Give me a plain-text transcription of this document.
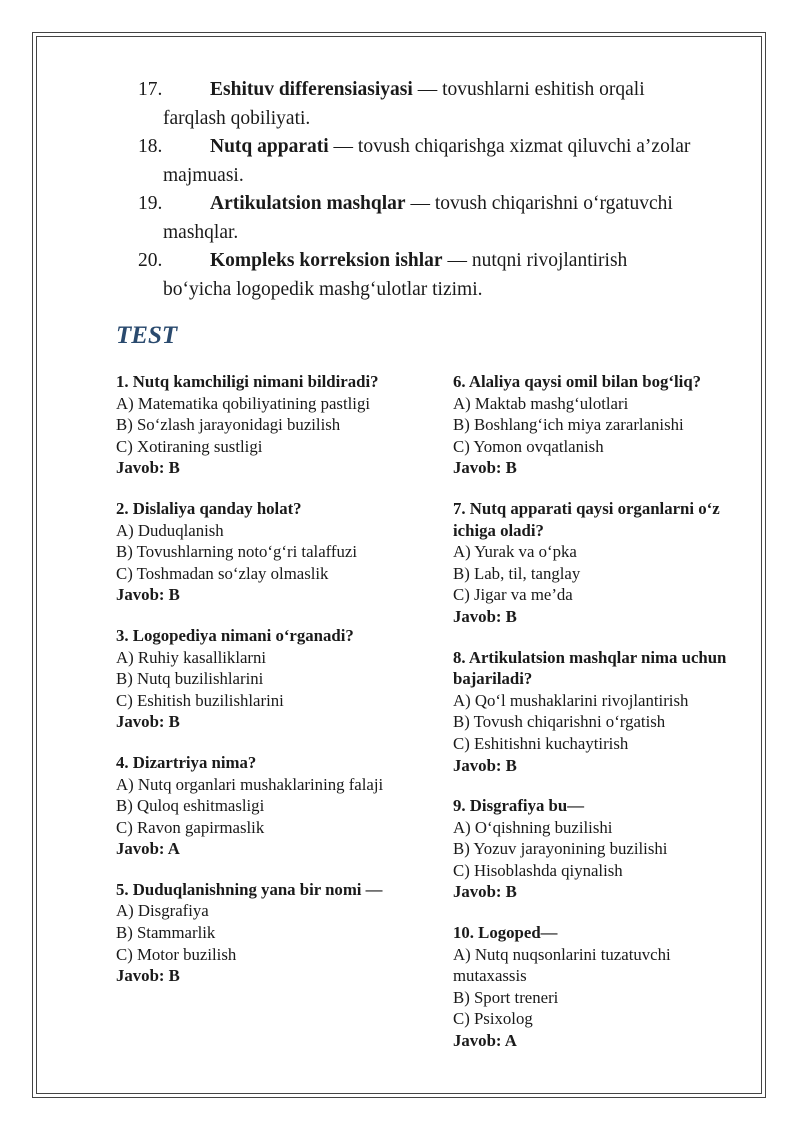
17. Eshituv differensiasiyasi — tovushlarni eshitish orqali
farqlash qobiliyati.

18. Nutq apparati — tovush chiqarishga xizmat qiluvchi a’zolar
majmuasi.

19. Artikulatsion mashqlar — tovush chiqarishni o‘rgatuvchi
mashqlar.

20. Kompleks korreksion ishlar — nutqni rivojlantirish
bo‘yicha logopedik mashg‘ulotlar tizimi.

TEST
1. Nutq kamchiligi nimani bildiradi?
A) Matematika qobiliyatining pastligi
B) So‘zlash jarayonidagi buzilish
C) Xotiraning sustligi
Javob: B
2. Dislaliya qanday holat?
A) Duduqlanish
B) Tovushlarning noto‘g‘ri talaffuzi
C) Toshmadan so‘zlay olmaslik
Javob: B
3. Logopediya nimani o‘rganadi?
A) Ruhiy kasalliklarni
B) Nutq buzilishlarini
C) Eshitish buzilishlarini
Javob: B
4. Dizartriya nima?
A) Nutq organlari mushaklarining falaji
B) Quloq eshitmasligi
C) Ravon gapirmaslik
Javob: A
5. Duduqlanishning yana bir nomi —
A) Disgrafiya
B) Stammarlik
C) Motor buzilish
Javob: B
6. Alaliya qaysi omil bilan bog‘liq?
A) Maktab mashg‘ulotlari
B) Boshlang‘ich miya zararlanishi
C) Yomon ovqatlanish
Javob: B
7. Nutq apparati qaysi organlarni o‘z ichiga oladi?
A) Yurak va o‘pka
B) Lab, til, tanglay
C) Jigar va me’da
Javob: B
8. Artikulatsion mashqlar nima uchun bajariladi?
A) Qo‘l mushaklarini rivojlantirish
B) Tovush chiqarishni o‘rgatish
C) Eshitishni kuchaytirish
Javob: B
9. Disgrafiya bu—
A) O‘qishning buzilishi
B) Yozuv jarayonining buzilishi
C) Hisoblashda qiynalish
Javob: B
10. Logoped—
A) Nutq nuqsonlarini tuzatuvchi mutaxassis
B) Sport treneri
C) Psixolog
Javob: A
